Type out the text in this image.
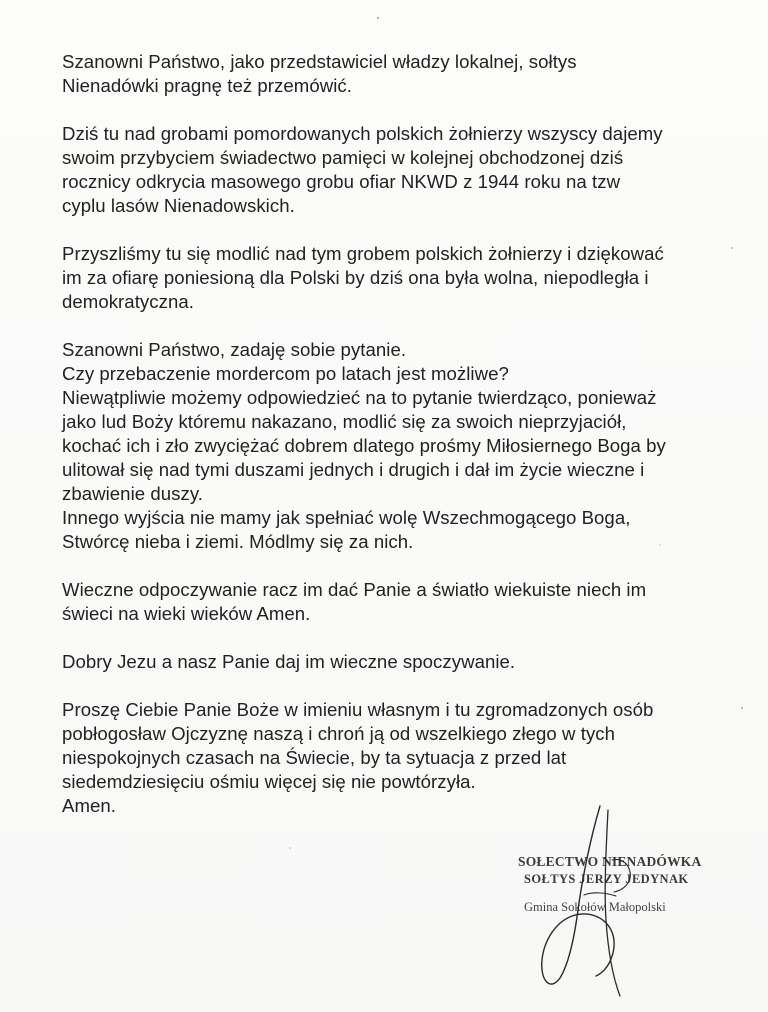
Szanowni Państwo, jako przedstawiciel władzy lokalnej, sołtys
Nienadówki pragnę też przemówić.
Dziś tu nad grobami pomordowanych polskich żołnierzy wszyscy dajemy
swoim przybyciem świadectwo pamięci w kolejnej obchodzonej dziś
rocznicy odkrycia masowego grobu ofiar NKWD z 1944 roku na tzw
cyplu lasów Nienadowskich.
Przyszliśmy tu się modlić nad tym grobem polskich żołnierzy i dziękować
im za ofiarę poniesioną dla Polski by dziś ona była wolna, niepodległa i
demokratyczna.
Szanowni Państwo, zadaję sobie pytanie.
Czy przebaczenie mordercom po latach jest możliwe?
Niewątpliwie możemy odpowiedzieć na to pytanie twierdząco, ponieważ
jako lud Boży któremu nakazano, modlić się za swoich nieprzyjaciół,
kochać ich i zło zwyciężać dobrem dlatego prośmy Miłosiernego Boga by
ulitował się nad tymi duszami jednych i drugich i dał im życie wieczne i
zbawienie duszy.
Innego wyjścia nie mamy jak spełniać wolę Wszechmogącego Boga,
Stwórcę nieba i ziemi. Módlmy się za nich.
Wieczne odpoczywanie racz im dać Panie a światło wiekuiste niech im
świeci na wieki wieków Amen.
Dobry Jezu a nasz Panie daj im wieczne spoczywanie.
Proszę Ciebie Panie Boże w imieniu własnym i tu zgromadzonych osób
pobłogosław Ojczyznę naszą i chroń ją od wszelkiego złego w tych
niespokojnych czasach na Świecie, by ta sytuacja z przed lat
siedemdziesięciu ośmiu więcej się nie powtórzyła.
Amen.
SOŁECTWO NIENADÓWKA
SOŁTYS JERZY JEDYNAK
Gmina Sokołów Małopolski
